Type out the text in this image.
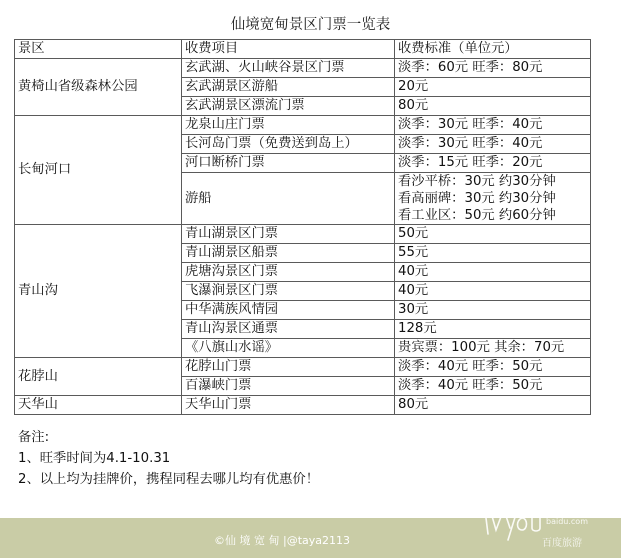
仙境宽甸景区门票一览表
景区	收费项目	收费标准（单位元）
黄椅山省级森林公园	玄武湖、火山峡谷景区门票	淡季：60元 旺季：80元

	玄武湖景区游船	20元

	玄武湖景区漂流门票	80元

长甸河口	龙泉山庄门票	淡季：30元 旺季：40元

	长河岛门票（免费送到岛上）	淡季：30元 旺季：40元

	河口断桥门票	淡季：15元 旺季：20元

	游船	看沙平桥：30元 约30分钟
看高丽碑：30元 约30分钟
看工业区：50元 约60分钟

青山沟	青山湖景区门票	50元

	青山湖景区船票	55元

	虎塘沟景区门票	40元

	飞瀑涧景区门票	40元

	中华满族风情园	30元

	青山沟景区通票	128元

	《八旗山水谣》	贵宾票：100元 其余：70元

花脖山	花脖山门票	淡季：40元 旺季：50元

	百瀑峡门票	淡季：40元 旺季：50元

天华山	天华山门票	80元
备注:
1、旺季时间为4.1-10.31
2、以上均为挂牌价，携程同程去哪儿均有优惠价！
©仙 境 宽 甸 |@taya2113
baidu.com
百度旅游
